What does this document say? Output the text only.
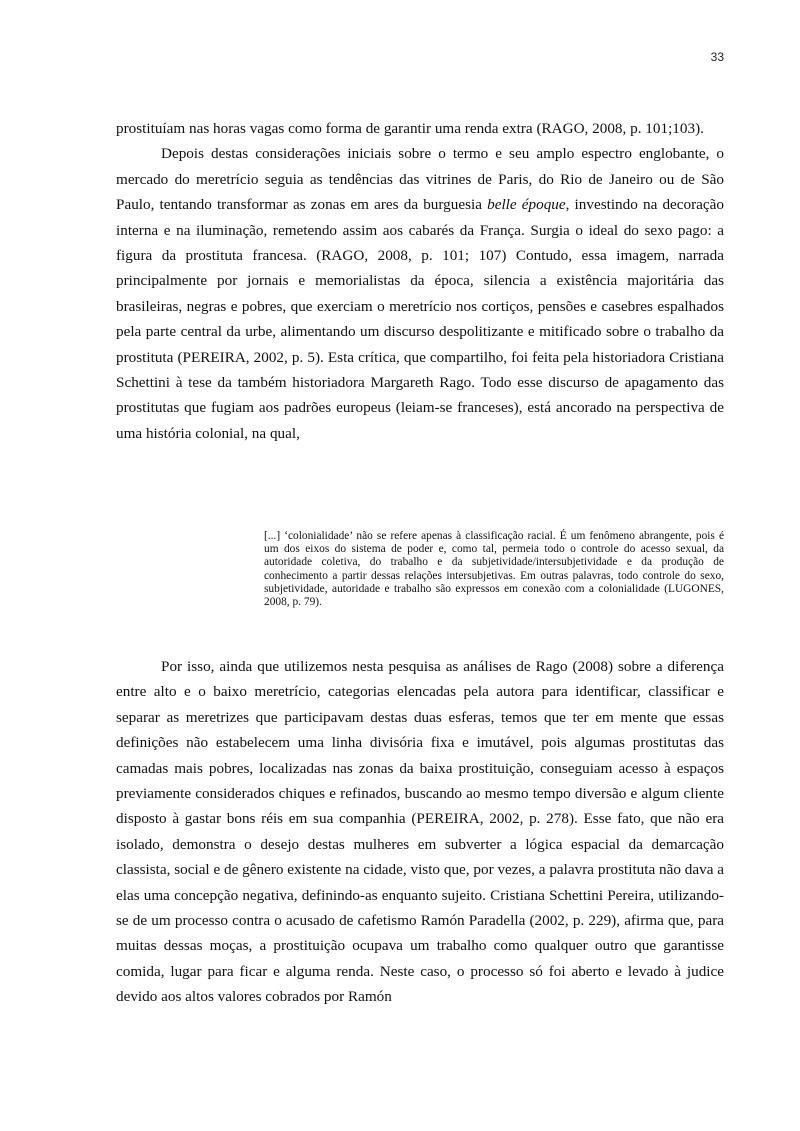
33

prostituíam nas horas vagas como forma de garantir uma renda extra (RAGO, 2008, p. 101;103).

Depois destas considerações iniciais sobre o termo e seu amplo espectro englobante, o mercado do meretrício seguia as tendências das vitrines de Paris, do Rio de Janeiro ou de São Paulo, tentando transformar as zonas em ares da burguesia belle époque, investindo na decoração interna e na iluminação, remetendo assim aos cabarés da França. Surgia o ideal do sexo pago: a figura da prostituta francesa. (RAGO, 2008, p. 101; 107) Contudo, essa imagem, narrada principalmente por jornais e memorialistas da época, silencia a existência majoritária das brasileiras, negras e pobres, que exerciam o meretrício nos cortiços, pensões e casebres espalhados pela parte central da urbe, alimentando um discurso despolitizante e mitificado sobre o trabalho da prostituta (PEREIRA, 2002, p. 5). Esta crítica, que compartilho, foi feita pela historiadora Cristiana Schettini à tese da também historiadora Margareth Rago. Todo esse discurso de apagamento das prostitutas que fugiam aos padrões europeus (leiam-se franceses), está ancorado na perspectiva de uma história colonial, na qual,

[...] ‘colonialidade’ não se refere apenas à classificação racial. É um fenômeno abrangente, pois é um dos eixos do sistema de poder e, como tal, permeia todo o controle do acesso sexual, da autoridade coletiva, do trabalho e da subjetividade/intersubjetividade e da produção de conhecimento a partir dessas relações intersubjetivas. Em outras palavras, todo controle do sexo, subjetividade, autoridade e trabalho são expressos em conexão com a colonialidade (LUGONES, 2008, p. 79).

Por isso, ainda que utilizemos nesta pesquisa as análises de Rago (2008) sobre a diferença entre alto e o baixo meretrício, categorias elencadas pela autora para identificar, classificar e separar as meretrizes que participavam destas duas esferas, temos que ter em mente que essas definições não estabelecem uma linha divisória fixa e imutável, pois algumas prostitutas das camadas mais pobres, localizadas nas zonas da baixa prostituição, conseguiam acesso à espaços previamente considerados chiques e refinados, buscando ao mesmo tempo diversão e algum cliente disposto à gastar bons réis em sua companhia (PEREIRA, 2002, p. 278). Esse fato, que não era isolado, demonstra o desejo destas mulheres em subverter a lógica espacial da demarcação classista, social e de gênero existente na cidade, visto que, por vezes, a palavra prostituta não dava a elas uma concepção negativa, definindo-as enquanto sujeito. Cristiana Schettini Pereira, utilizando-se de um processo contra o acusado de cafetismo Ramón Paradella (2002, p. 229), afirma que, para muitas dessas moças, a prostituição ocupava um trabalho como qualquer outro que garantisse comida, lugar para ficar e alguma renda. Neste caso, o processo só foi aberto e levado à judice devido aos altos valores cobrados por Ramón
